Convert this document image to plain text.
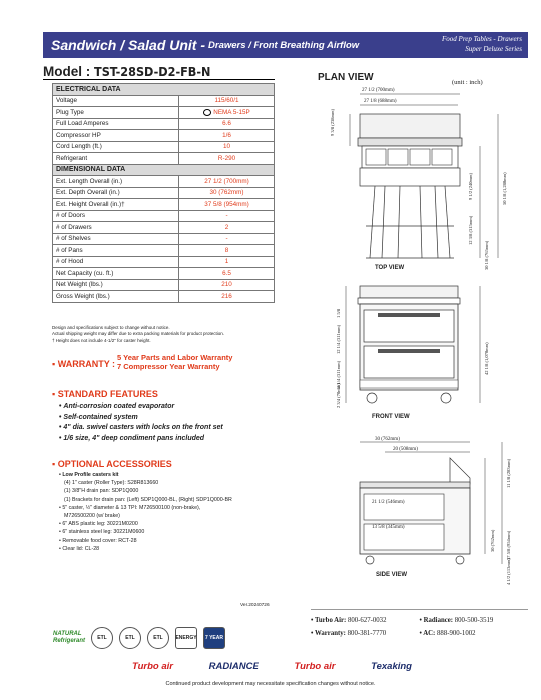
Sandwich / Salad Unit - Drawers / Front Breathing Airflow
Food Prep Tables - Drawers
Super Deluxe Series
Model : TST-28SD-D2-FB-N
ELECTRICAL DATA	
Voltage	115/60/1
Plug Type	NEMA 5-15P
Full Load Amperes	6.6
Compressor HP	1/6
Cord Length (ft.)	10
Refrigerant	R-290
DIMENSIONAL DATA	
Ext. Length Overall (in.)	27 1/2 (700mm)
Ext. Depth Overall (in.)	30 (762mm)
Ext. Height Overall (in.)†	37 5/8 (954mm)
# of Doors	-
# of Drawers	2
# of Shelves	-
# of Pans	8
# of Hood	1
Net Capacity (cu. ft.)	6.5
Net Weight (lbs.)	210
Gross Weight (lbs.)	216
Design and specifications subject to change without notice.
Actual shipping weight may differ due to extra packing materials for product protection.
† Height does not include 4-1/2" for caster height.
▪ WARRANTY :
5 Year Parts and Labor Warranty
7 Compressor Year Warranty
▪ STANDARD FEATURES
• Anti-corrosion coated evaporator
• Self-contained system
• 4" dia. swivel casters with locks on the front set
• 1/6 size, 4" deep condiment pans included
▪ OPTIONAL ACCESSORIES
• Low Profile casters kit
(4) 1" caster (Roller Type): S28R813660
(1) 3/8"H drain pan: SDP1Q000
(1) Brackets for drain pan: (Left) SDP1Q000-BL, (Right) SDP1Q000-BR
• 5" caster, ½" diameter & 13 TPI: M726500100 (non-brake),
M726500200 (w/ brake)
• 6" ABS plastic leg: 30221M0200
• 6" stainless steel leg: 30221M0600
• Removable food cover: RCT-28
• Clear lid: CL-28
PLAN VIEW	(unit : inch)
27 1/2 (700mm)
27 1/8 (688mm)
9 3/8 (238mm)
9 1/2 (240mm)
12 3/8 (315mm)
30 1/8 (765mm)
50 1/8 (1,280mm)
TOP VIEW
1 5/8
12 1/4 (311mm)
12 1/4 (311mm)
2 3/4 (70mm)
42 1/8 (1,070mm)
FRONT VIEW
30 (762mm)
20 (508mm)
21 1/2 (546mm)
13 5/8 (345mm)
11 1/8 (283mm)
30 (762mm) 37 5/8 (954mm)
4 1/2 (113mm)
SIDE VIEW
Ver.20240726
NATURAL
Refrigerant	ETL	ETL	ETL	ENERGY	7 YEAR
• Turbo Air: 800-627-0032	• Radiance: 800-500-3519
• Warranty: 800-381-7770	• AC: 888-900-1002
Turbo air	RADIANCE	Turbo air	Texaking
Continued product development may necessitate specification changes without notice.
